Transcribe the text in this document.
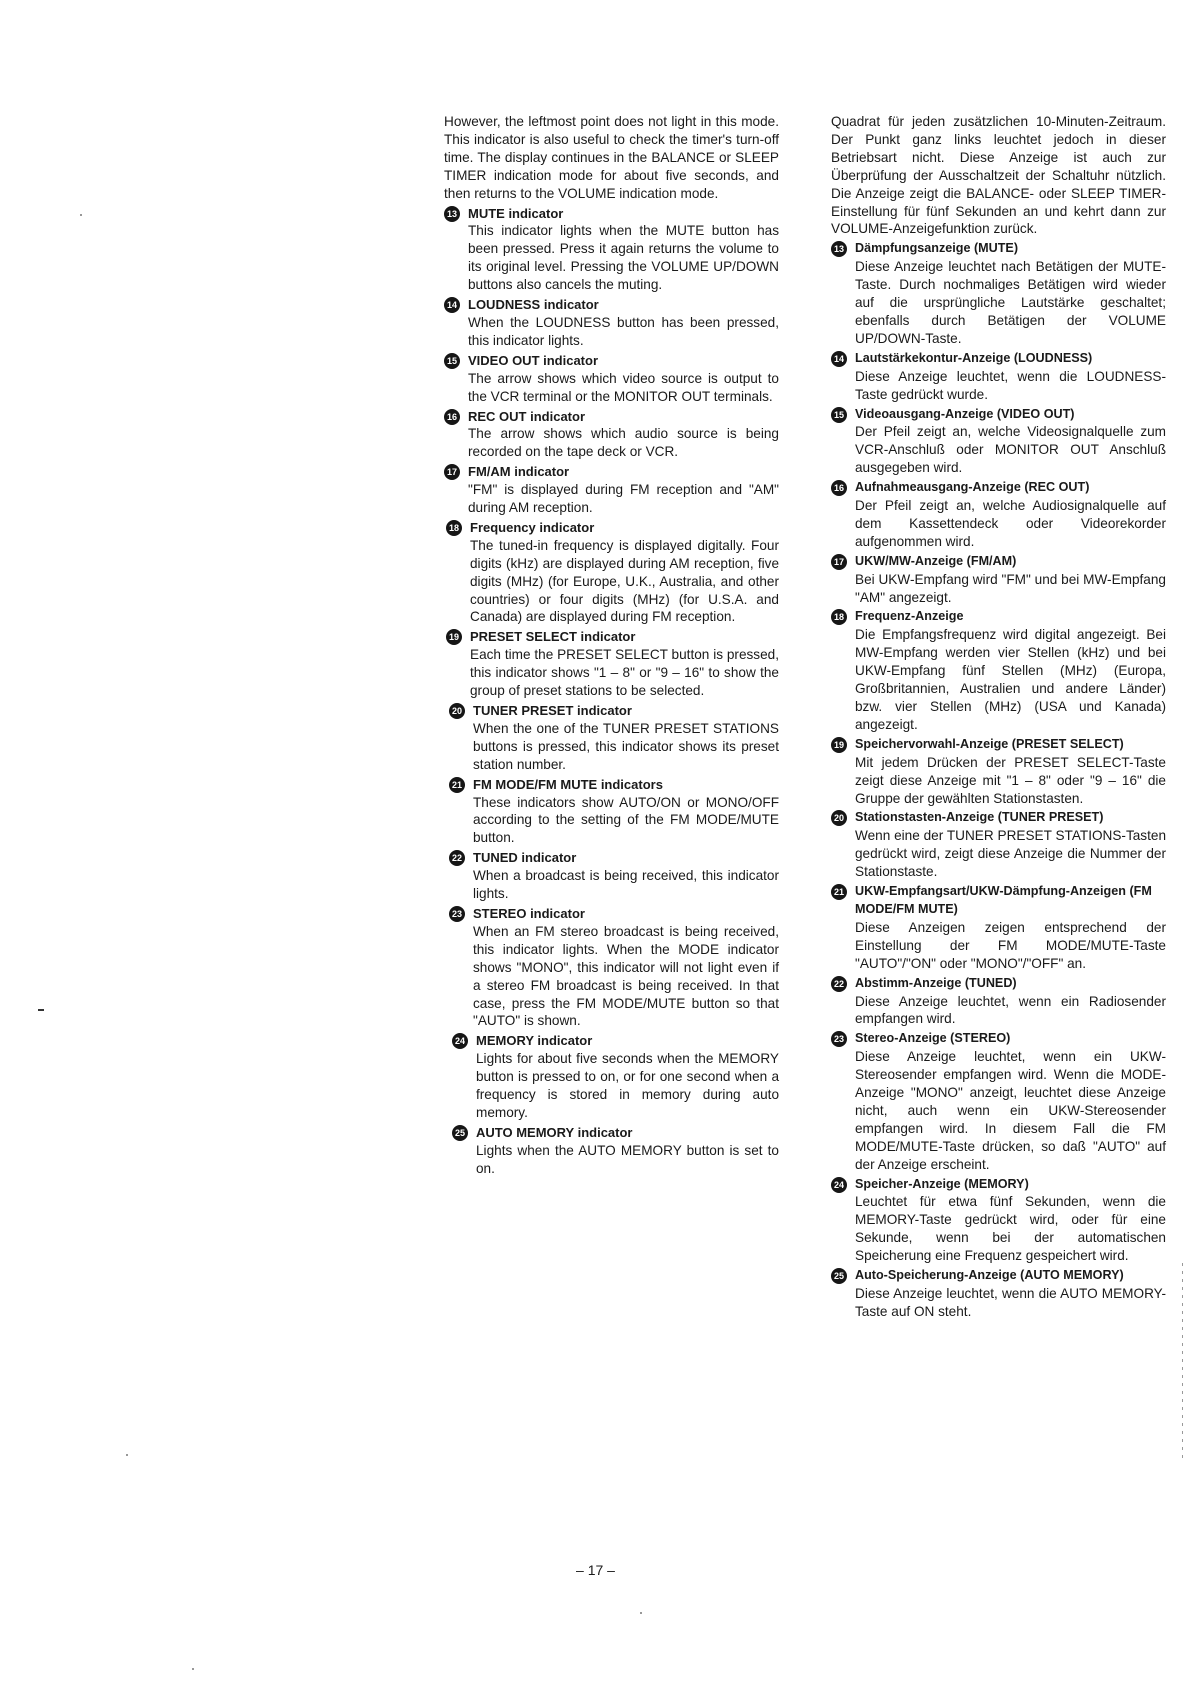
However, the leftmost point does not light in this mode. This indicator is also useful to check the timer's turn-off time. The display continues in the BALANCE or SLEEP TIMER indication mode for about five seconds, and then returns to the VOLUME indication mode.

13 MUTE indicator

This indicator lights when the MUTE button has been pressed. Press it again returns the volume to its original level. Pressing the VOLUME UP/DOWN buttons also cancels the muting.

14 LOUDNESS indicator

When the LOUDNESS button has been pressed, this indicator lights.

15 VIDEO OUT indicator

The arrow shows which video source is output to the VCR terminal or the MONITOR OUT terminals.

16 REC OUT indicator

The arrow shows which audio source is being recorded on the tape deck or VCR.

17 FM/AM indicator

"FM" is displayed during FM reception and "AM" during AM reception.

18 Frequency indicator

The tuned-in frequency is displayed digitally. Four digits (kHz) are displayed during AM reception, five digits (MHz) (for Europe, U.K., Australia, and other countries) or four digits (MHz) (for U.S.A. and Canada) are displayed during FM reception.

19 PRESET SELECT indicator

Each time the PRESET SELECT button is pressed, this indicator shows "1 – 8" or "9 – 16" to show the group of preset stations to be selected.

20 TUNER PRESET indicator

When the one of the TUNER PRESET STATIONS buttons is pressed, this indicator shows its preset station number.

21 FM MODE/FM MUTE indicators

These indicators show AUTO/ON or MONO/OFF according to the setting of the FM MODE/MUTE button.

22 TUNED indicator

When a broadcast is being received, this indicator lights.

23 STEREO indicator

When an FM stereo broadcast is being received, this indicator lights. When the MODE indicator shows "MONO", this indicator will not light even if a stereo FM broadcast is being received. In that case, press the FM MODE/MUTE button so that "AUTO" is shown.

24 MEMORY indicator

Lights for about five seconds when the MEMORY button is pressed to on, or for one second when a frequency is stored in memory during auto memory.

25 AUTO MEMORY indicator

Lights when the AUTO MEMORY button is set to on.

Quadrat für jeden zusätzlichen 10-Minuten-Zeitraum. Der Punkt ganz links leuchtet jedoch in dieser Betriebsart nicht. Diese Anzeige ist auch zur Überprüfung der Ausschaltzeit der Schaltuhr nützlich. Die Anzeige zeigt die BALANCE- oder SLEEP TIMER-Einstellung für fünf Sekunden an und kehrt dann zur VOLUME-Anzeigefunktion zurück.

13 Dämpfungsanzeige (MUTE)

Diese Anzeige leuchtet nach Betätigen der MUTE-Taste. Durch nochmaliges Betätigen wird wieder auf die ursprüngliche Lautstärke geschaltet; ebenfalls durch Betätigen der VOLUME UP/DOWN-Taste.

14 Lautstärkekontur-Anzeige (LOUDNESS)

Diese Anzeige leuchtet, wenn die LOUDNESS-Taste gedrückt wurde.

15 Videoausgang-Anzeige (VIDEO OUT)

Der Pfeil zeigt an, welche Videosignalquelle zum VCR-Anschluß oder MONITOR OUT Anschluß ausgegeben wird.

16 Aufnahmeausgang-Anzeige (REC OUT)

Der Pfeil zeigt an, welche Audiosignalquelle auf dem Kassettendeck oder Videorekorder aufgenommen wird.

17 UKW/MW-Anzeige (FM/AM)

Bei UKW-Empfang wird "FM" und bei MW-Empfang "AM" angezeigt.

18 Frequenz-Anzeige

Die Empfangsfrequenz wird digital angezeigt. Bei MW-Empfang werden vier Stellen (kHz) und bei UKW-Empfang fünf Stellen (MHz) (Europa, Großbritannien, Australien und andere Länder) bzw. vier Stellen (MHz) (USA und Kanada) angezeigt.

19 Speichervorwahl-Anzeige (PRESET SELECT)

Mit jedem Drücken der PRESET SELECT-Taste zeigt diese Anzeige mit "1 – 8" oder "9 – 16" die Gruppe der gewählten Stationstasten.

20 Stationstasten-Anzeige (TUNER PRESET)

Wenn eine der TUNER PRESET STATIONS-Tasten gedrückt wird, zeigt diese Anzeige die Nummer der Stationstaste.

21 UKW-Empfangsart/UKW-Dämpfung-Anzeigen (FM MODE/FM MUTE)

Diese Anzeigen zeigen entsprechend der Einstellung der FM MODE/MUTE-Taste "AUTO"/"ON" oder "MONO"/"OFF" an.

22 Abstimm-Anzeige (TUNED)

Diese Anzeige leuchtet, wenn ein Radiosender empfangen wird.

23 Stereo-Anzeige (STEREO)

Diese Anzeige leuchtet, wenn ein UKW-Stereosender empfangen wird. Wenn die MODE-Anzeige "MONO" anzeigt, leuchtet diese Anzeige nicht, auch wenn ein UKW-Stereosender empfangen wird. In diesem Fall die FM MODE/MUTE-Taste drücken, so daß "AUTO" auf der Anzeige erscheint.

24 Speicher-Anzeige (MEMORY)

Leuchtet für etwa fünf Sekunden, wenn die MEMORY-Taste gedrückt wird, oder für eine Sekunde, wenn bei der automatischen Speicherung eine Frequenz gespeichert wird.

25 Auto-Speicherung-Anzeige (AUTO MEMORY)

Diese Anzeige leuchtet, wenn die AUTO MEMORY-Taste auf ON steht.

– 17 –
